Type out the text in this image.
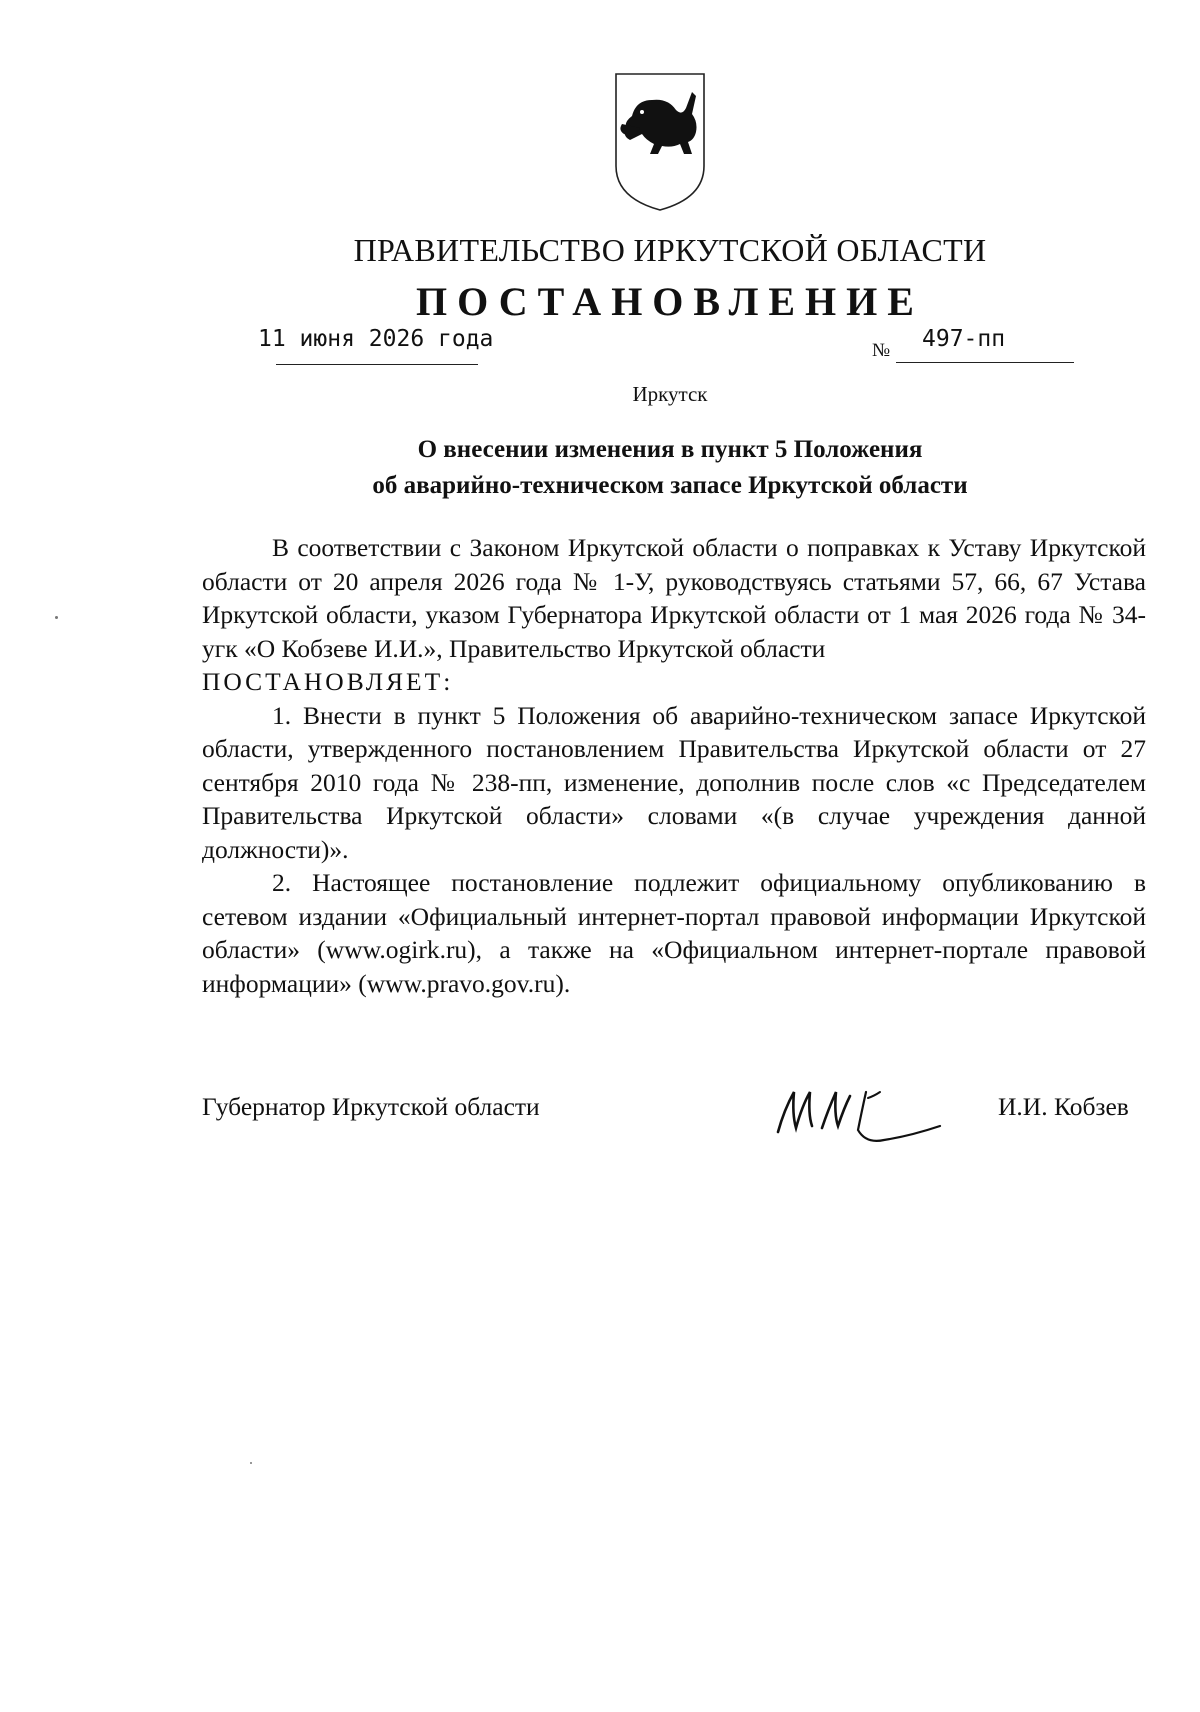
ПРАВИТЕЛЬСТВО ИРКУТСКОЙ ОБЛАСТИ
ПОСТАНОВЛЕНИЕ
11 июня 2026 года	№ 497-пп
Иркутск

О внесении изменения в пункт 5 Положения

об аварийно-техническом запасе Иркутской области

В соответствии с Законом Иркутской области о поправках к Уставу Иркутской области от 20 апреля 2026 года № 1-У, руководствуясь статьями 57, 66, 67 Устава Иркутской области, указом Губернатора Иркутской области от 1 мая 2026 года № 34-угк «О Кобзеве И.И.», Правительство Иркутской области

ПОСТАНОВЛЯЕТ:

1. Внести в пункт 5 Положения об аварийно-техническом запасе Иркутской области, утвержденного постановлением Правительства Иркутской области от 27 сентября 2010 года № 238-пп, изменение, дополнив после слов «с Председателем Правительства Иркутской области» словами «(в случае учреждения данной должности)».

2. Настоящее постановление подлежит официальному опубликованию в сетевом издании «Официальный интернет-портал правовой информации Иркутской области» (www.ogirk.ru), а также на «Официальном интернет-портале правовой информации» (www.pravo.gov.ru).

Губернатор Иркутской области	И.И. Кобзев
